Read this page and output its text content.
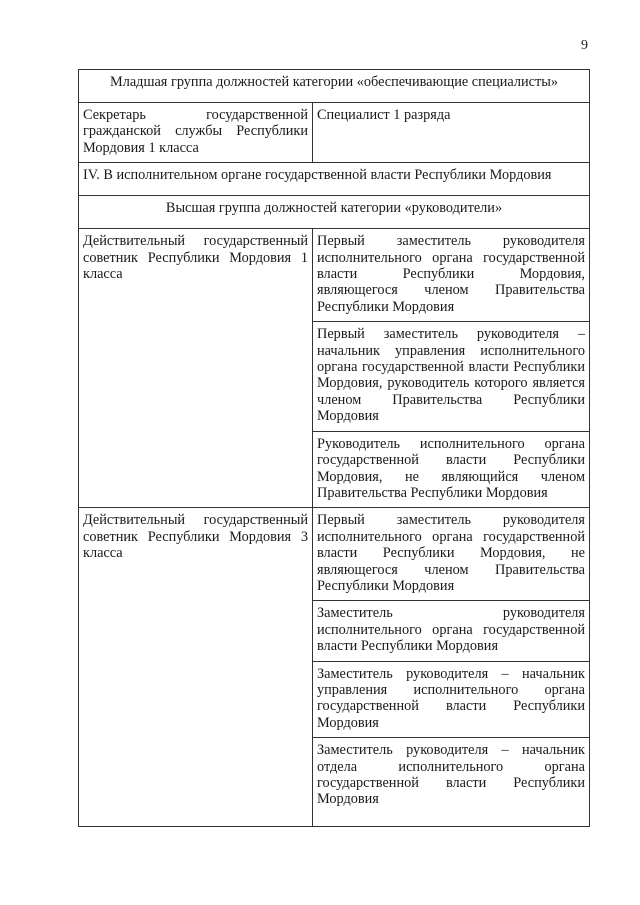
9
Младшая группа должностей категории «обеспечивающие специалисты»	

Секретарь государственной гражданской службы Республики Мордовия 1 класса	Специалист 1 разряда
IV. В исполнительном органе государственной власти Республики Мордовия	
Высшая группа должностей категории «руководители»	

Действительный государственный советник Республики Мордовия 1 класса	Первый заместитель руководителя исполнительного органа государственной власти Республики Мордовия, являющегося членом Правительства Республики Мордовия

	Первый заместитель руководителя – начальник управления исполнительного органа государственной власти Республики Мордовия, руководитель которого является членом Правительства Республики Мордовия

	Руководитель исполнительного органа государственной власти Республики Мордовия, не являющийся членом Правительства Республики Мордовия

Действительный государственный советник Республики Мордовия 3 класса	Первый заместитель руководителя исполнительного органа государственной власти Республики Мордовия, не являющегося членом Правительства Республики Мордовия

	Заместитель руководителя исполнительного органа государственной власти Республики Мордовия

	Заместитель руководителя – начальник управления исполнительного органа государственной власти Республики Мордовия

	Заместитель руководителя – начальник отдела исполнительного органа государственной власти Республики Мордовия
